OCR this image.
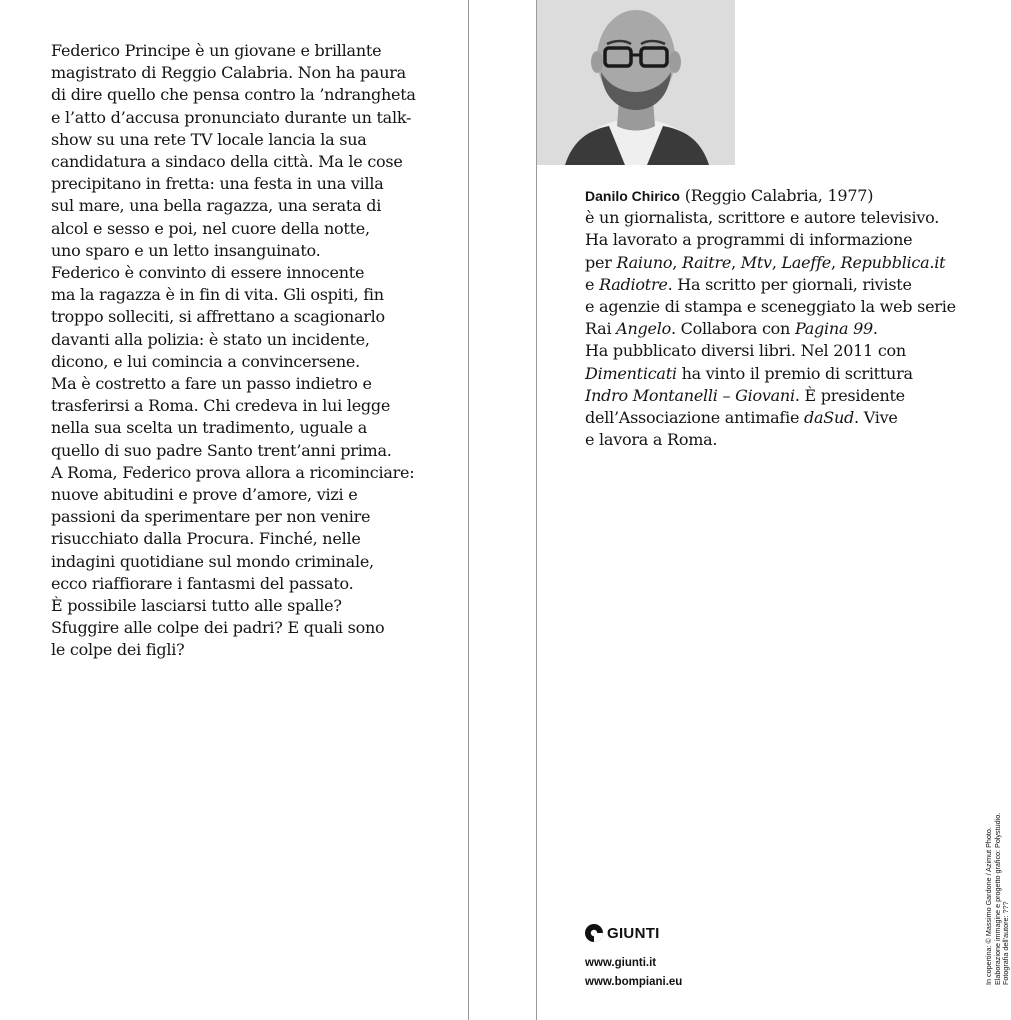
Federico Principe è un giovane e brillante
magistrato di Reggio Calabria. Non ha paura
di dire quello che pensa contro la ’ndrangheta
e l’atto d’accusa pronunciato durante un talk-
show su una rete TV locale lancia la sua
candidatura a sindaco della città. Ma le cose
precipitano in fretta: una festa in una villa
sul mare, una bella ragazza, una serata di
alcol e sesso e poi, nel cuore della notte,
uno sparo e un letto insanguinato.
Federico è convinto di essere innocente
ma la ragazza è in fin di vita. Gli ospiti, fin
troppo solleciti, si affrettano a scagionarlo
davanti alla polizia: è stato un incidente,
dicono, e lui comincia a convincersene.
Ma è costretto a fare un passo indietro e
trasferirsi a Roma. Chi credeva in lui legge
nella sua scelta un tradimento, uguale a
quello di suo padre Santo trent’anni prima.
A Roma, Federico prova allora a ricominciare:
nuove abitudini e prove d’amore, vizi e
passioni da sperimentare per non venire
risucchiato dalla Procura. Finché, nelle
indagini quotidiane sul mondo criminale,
ecco riaffiorare i fantasmi del passato.
È possibile lasciarsi tutto alle spalle?
Sfuggire alle colpe dei padri? E quali sono
le colpe dei figli?
Danilo Chirico (Reggio Calabria, 1977)
è un giornalista, scrittore e autore televisivo.
Ha lavorato a programmi di informazione
per Raiuno, Raitre, Mtv, Laeffe, Repubblica.it
e Radiotre. Ha scritto per giornali, riviste
e agenzie di stampa e sceneggiato la web serie
Rai Angelo. Collabora con Pagina 99.
Ha pubblicato diversi libri. Nel 2011 con
Dimenticati ha vinto il premio di scrittura
Indro Montanelli – Giovani. È presidente
dell’Associazione antimafie daSud. Vive
e lavora a Roma.
GIUNTI
www.giunti.it
www.bompiani.eu	In copertina: © Massimo Gardone / Azimut Photo. Elaborazione immagine e progetto grafico: Polystudio. Fotografia dell’autore: ???
